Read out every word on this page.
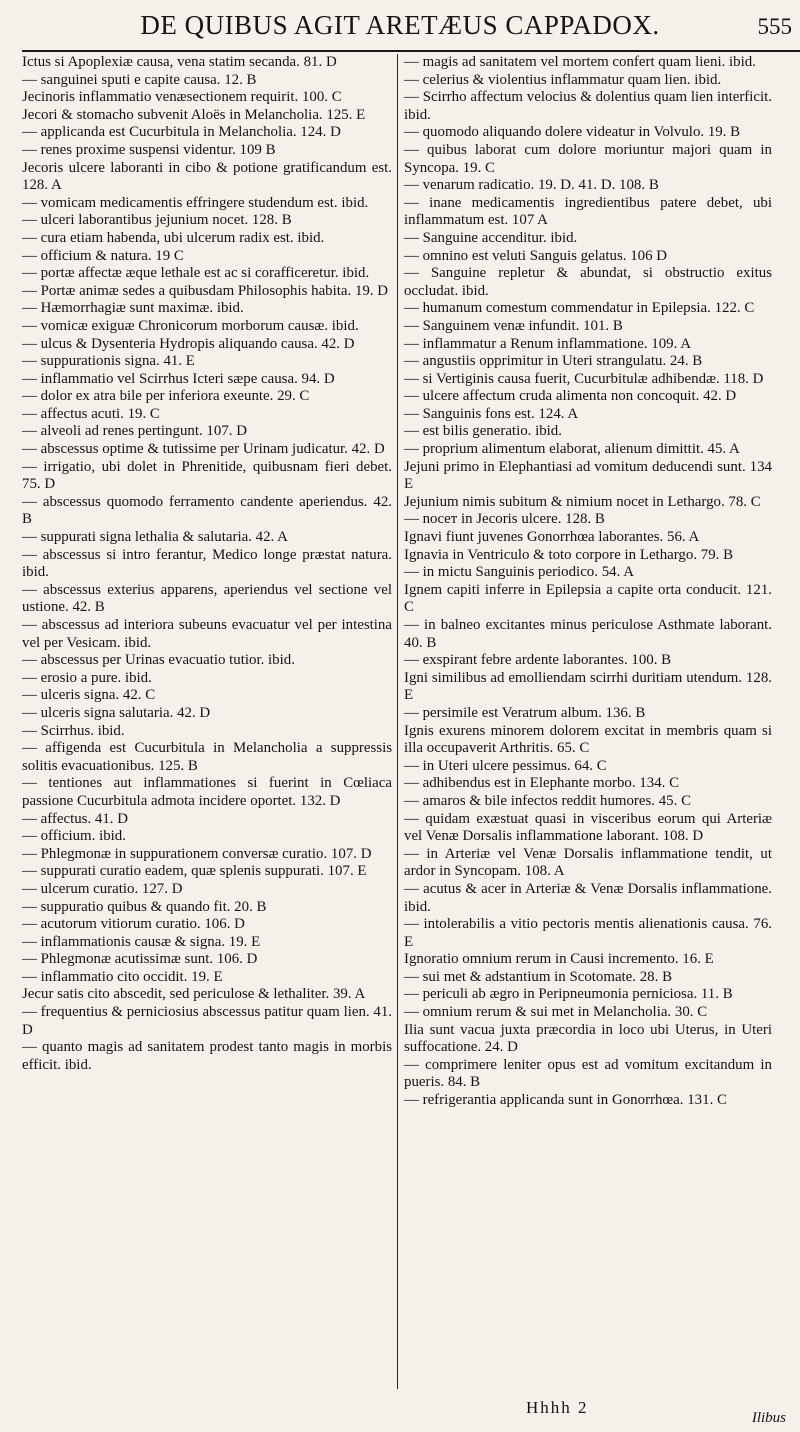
DE QUIBUS AGIT ARETÆUS CAPPADOX.	555
Ictus si Apoplexiæ causa, vena statim secanda. 81. D
— sanguinei sputi e capite causa. 12. B
Jecinoris inflammatio venæsectionem requirit. 100. C
Jecori & stomacho subvenit Aloës in Melancholia. 125. E
— applicanda est Cucurbitula in Melancholia. 124. D
— renes proxime suspensi videntur. 109 B
Jecoris ulcere laboranti in cibo & potione gratificandum est. 128. A
— vomicam medicamentis effringere studendum est. ibid.
— ulceri laborantibus jejunium nocet. 128. B
— cura etiam habenda, ubi ulcerum radix est. ibid.
— officium & natura. 19 C
— portæ affectæ æque lethale est ac si corafficeretur. ibid.
— Portæ animæ sedes a quibusdam Philosophis habita. 19. D
— Hæmorrhagiæ sunt maximæ. ibid.
— vomicæ exiguæ Chronicorum morborum causæ. ibid.
— ulcus & Dysenteria Hydropis aliquando causa. 42. D
— suppurationis signa. 41. E
— inflammatio vel Scirrhus Icteri sæpe causa. 94. D
— dolor ex atra bile per inferiora exeunte. 29. C
— affectus acuti. 19. C
— alveoli ad renes pertingunt. 107. D
— abscessus optime & tutissime per Urinam judicatur. 42. D
— irrigatio, ubi dolet in Phrenitide, quibusnam fieri debet. 75. D
— abscessus quomodo ferramento candente aperiendus. 42. B
— suppurati signa lethalia & salutaria. 42. A
— abscessus si intro ferantur, Medico longe præstat natura. ibid.
— abscessus exterius apparens, aperiendus vel sectione vel ustione. 42. B
— abscessus ad interiora subeuns evacuatur vel per intestina vel per Vesicam. ibid.
— abscessus per Urinas evacuatio tutior. ibid.
— erosio a pure. ibid.
— ulceris signa. 42. C
— ulceris signa salutaria. 42. D
— Scirrhus. ibid.
— affigenda est Cucurbitula in Melancholia a suppressis solitis evacuationibus. 125. B
— tentiones aut inflammationes si fuerint in Cœliaca passione Cucurbitula admota incidere oportet. 132. D
— affectus. 41. D
— officium. ibid.
— Phlegmonæ in suppurationem conversæ curatio. 107. D
— suppurati curatio eadem, quæ splenis suppurati. 107. E
— ulcerum curatio. 127. D
— suppuratio quibus & quando fit. 20. B
— acutorum vitiorum curatio. 106. D
— inflammationis causæ & signa. 19. E
— Phlegmonæ acutissimæ sunt. 106. D
— inflammatio cito occidit. 19. E
Jecur satis cito abscedit, sed periculose & lethaliter. 39. A
— frequentius & perniciosius abscessus patitur quam lien. 41. D
— quanto magis ad sanitatem prodest tanto magis in morbis efficit. ibid.
— magis ad sanitatem vel mortem confert quam lieni. ibid.
— celerius & violentius inflammatur quam lien. ibid.
— Scirrho affectum velocius & dolentius quam lien interficit. ibid.
— quomodo aliquando dolere videatur in Volvulo. 19. B
— quibus laborat cum dolore moriuntur majori quam in Syncopa. 19. C
— venarum radicatio. 19. D. 41. D. 108. B
— inane medicamentis ingredientibus patere debet, ubi inflammatum est. 107 A
— Sanguine accenditur. ibid.
— omnino est veluti Sanguis gelatus. 106 D
— Sanguine repletur & abundat, si obstructio exitus occludat. ibid.
— humanum comestum commendatur in Epilepsia. 122. C
— Sanguinem venæ infundit. 101. B
— inflammatur a Renum inflammatione. 109. A
— angustiis opprimitur in Uteri strangulatu. 24. B
— si Vertiginis causa fuerit, Cucurbitulæ adhibendæ. 118. D
— ulcere affectum cruda alimenta non concoquit. 42. D
— Sanguinis fons est. 124. A
— est bilis generatio. ibid.
— proprium alimentum elaborat, alienum dimittit. 45. A
Jejuni primo in Elephantiasi ad vomitum deducendi sunt. 134 E
Jejunium nimis subitum & nimium nocet in Lethargo. 78. C
— noceт in Jecoris ulcere. 128. B
Ignavi fiunt juvenes Gonorrhœa laborantes. 56. A
Ignavia in Ventriculo & toto corpore in Lethargo. 79. B
— in mictu Sanguinis periodico. 54. A
Ignem capiti inferre in Epilepsia a capite orta conducit. 121. C
— in balneo excitantes minus periculose Asthmate laborant. 40. B
— exspirant febre ardente laborantes. 100. B
Igni similibus ad emolliendam scirrhi duritiam utendum. 128. E
— persimile est Veratrum album. 136. B
Ignis exurens minorem dolorem excitat in membris quam si illa occupaverit Arthritis. 65. C
— in Uteri ulcere pessimus. 64. C
— adhibendus est in Elephante morbo. 134. C
— amaros & bile infectos reddit humores. 45. C
— quidam exæstuat quasi in visceribus eorum qui Arteriæ vel Venæ Dorsalis inflammatione laborant. 108. D
— in Arteriæ vel Venæ Dorsalis inflammatione tendit, ut ardor in Syncopam. 108. A
— acutus & acer in Arteriæ & Venæ Dorsalis inflammatione. ibid.
— intolerabilis a vitio pectoris mentis alienationis causa. 76. E
Ignoratio omnium rerum in Causi incremento. 16. E
— sui met & adstantium in Scotomate. 28. B
— periculi ab ægro in Peripneumonia perniciosa. 11. B
— omnium rerum & sui met in Melancholia. 30. C
Ilia sunt vacua juxta præcordia in loco ubi Uterus, in Uteri suffocatione. 24. D
— comprimere leniter opus est ad vomitum excitandum in pueris. 84. B
— refrigerantia applicanda sunt in Gonorrhœa. 131. C
Hhhh 2
Ilibus
